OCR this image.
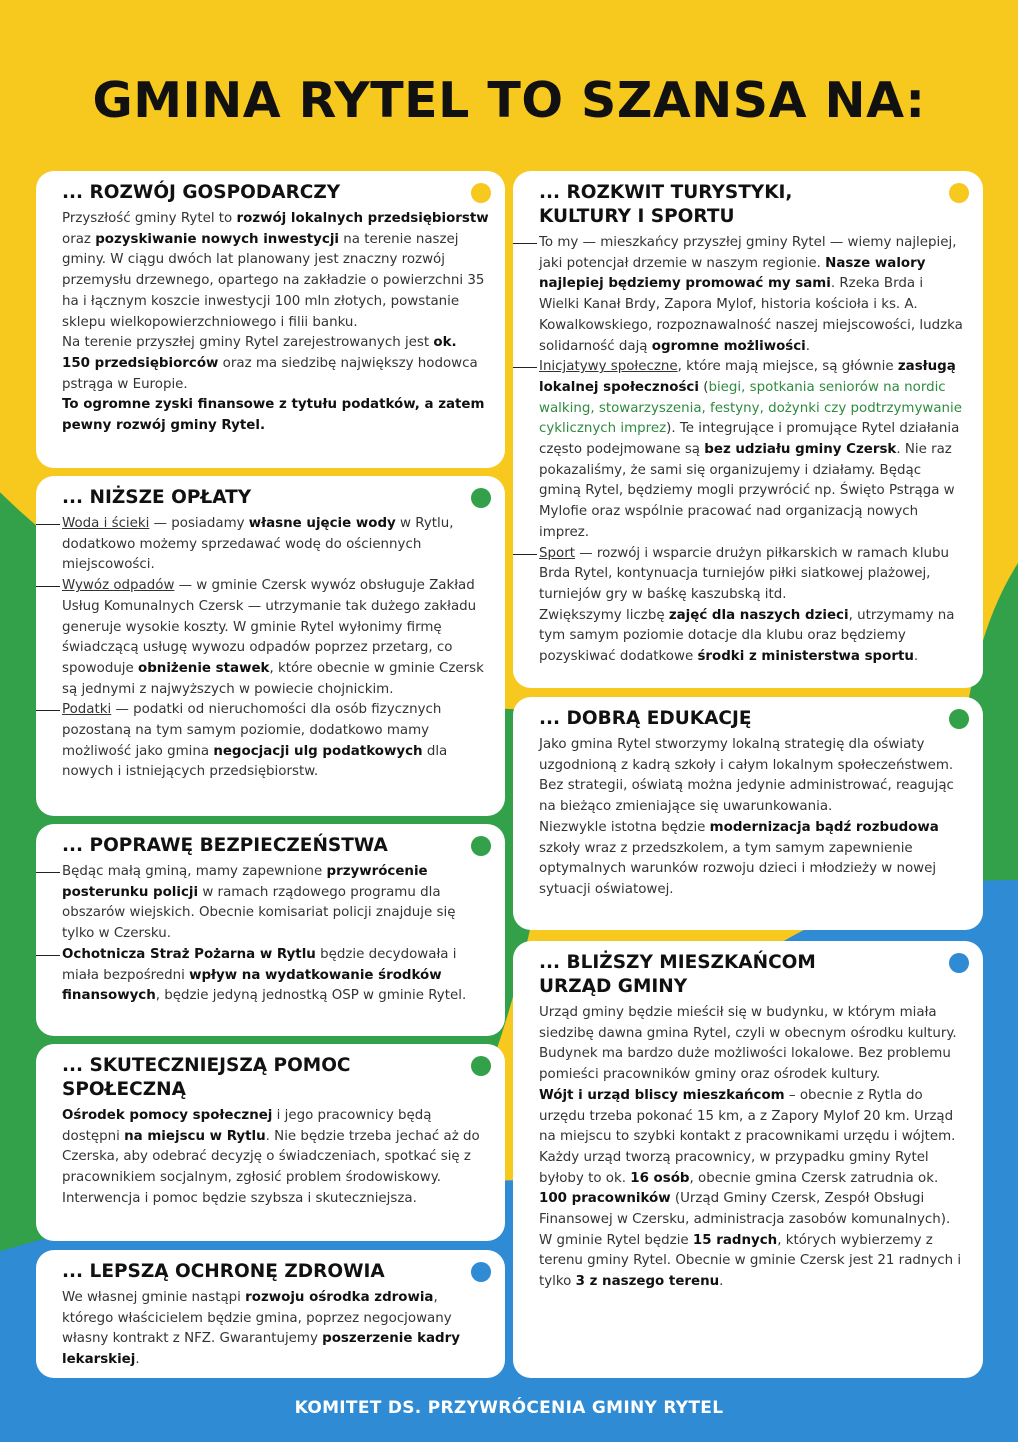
GMINA RYTEL TO SZANSA NA:
... ROZWÓJ GOSPODARCZY

Przyszłość gminy Rytel to rozwój lokalnych przedsiębiorstw oraz pozyskiwanie nowych inwestycji na terenie naszej gminy. W ciągu dwóch lat planowany jest znaczny rozwój przemysłu drzewnego, opartego na zakładzie o powierzchni 35 ha i łącznym koszcie inwestycji 100 mln złotych, powstanie sklepu wielkopowierzchniowego i filii banku.

Na terenie przyszłej gminy Rytel zarejestrowanych jest ok. 150 przedsiębiorców oraz ma siedzibę największy hodowca pstrąga w Europie.

To ogromne zyski finansowe z tytułu podatków, a zatem pewny rozwój gminy Rytel.

... NIŻSZE OPŁATY

Woda i ścieki — posiadamy własne ujęcie wody w Rytlu, dodatkowo możemy sprzedawać wodę do ościennych miejscowości.

Wywóz odpadów — w gminie Czersk wywóz obsługuje Zakład Usług Komunalnych Czersk — utrzymanie tak dużego zakładu generuje wysokie koszty. W gminie Rytel wyłonimy firmę świadczącą usługę wywozu odpadów poprzez przetarg, co spowoduje obniżenie stawek, które obecnie w gminie Czersk są jednymi z najwyższych w powiecie chojnickim.

Podatki — podatki od nieruchomości dla osób fizycznych pozostaną na tym samym poziomie, dodatkowo mamy możliwość jako gmina negocjacji ulg podatkowych dla nowych i istniejących przedsiębiorstw.

... POPRAWĘ BEZPIECZEŃSTWA

Będąc małą gminą, mamy zapewnione przywrócenie posterunku policji w ramach rządowego programu dla obszarów wiejskich. Obecnie komisariat policji znajduje się tylko w Czersku.

Ochotnicza Straż Pożarna w Rytlu będzie decydowała i miała bezpośredni wpływ na wydatkowanie środków finansowych, będzie jedyną jednostką OSP w gminie Rytel.

... SKUTECZNIEJSZĄ POMOC SPOŁECZNĄ

Ośrodek pomocy społecznej i jego pracownicy będą dostępni na miejscu w Rytlu. Nie będzie trzeba jechać aż do Czerska, aby odebrać decyzję o świadczeniach, spotkać się z pracownikiem socjalnym, zgłosić problem środowiskowy. Interwencja i pomoc będzie szybsza i skuteczniejsza.

... LEPSZĄ OCHRONĘ ZDROWIA

We własnej gminie nastąpi rozwoju ośrodka zdrowia, którego właścicielem będzie gmina, poprzez negocjowany własny kontrakt z NFZ. Gwarantujemy poszerzenie kadry lekarskiej.

... ROZKWIT TURYSTYKI, KULTURY I SPORTU

To my — mieszkańcy przyszłej gminy Rytel — wiemy najlepiej, jaki potencjał drzemie w naszym regionie. Nasze walory najlepiej będziemy promować my sami. Rzeka Brda i Wielki Kanał Brdy, Zapora Mylof, historia kościoła i ks. A. Kowalkowskiego, rozpoznawalność naszej miejscowości, ludzka solidarność dają ogromne możliwości.

Inicjatywy społeczne, które mają miejsce, są głównie zasługą lokalnej społeczności (biegi, spotkania seniorów na nordic walking, stowarzyszenia, festyny, dożynki czy podtrzymywanie cyklicznych imprez). Te integrujące i promujące Rytel działania często podejmowane są bez udziału gminy Czersk. Nie raz pokazaliśmy, że sami się organizujemy i działamy. Będąc gminą Rytel, będziemy mogli przywrócić np. Święto Pstrąga w Mylofie oraz wspólnie pracować nad organizacją nowych imprez.

Sport — rozwój i wsparcie drużyn piłkarskich w ramach klubu Brda Rytel, kontynuacja turniejów piłki siatkowej plażowej, turniejów gry w baśkę kaszubską itd.

Zwiększymy liczbę zajęć dla naszych dzieci, utrzymamy na tym samym poziomie dotacje dla klubu oraz będziemy pozyskiwać dodatkowe środki z ministerstwa sportu.

... DOBRĄ EDUKACJĘ

Jako gmina Rytel stworzymy lokalną strategię dla oświaty uzgodnioną z kadrą szkoły i całym lokalnym społeczeństwem. Bez strategii, oświatą można jedynie administrować, reagując na bieżąco zmieniające się uwarunkowania.

Niezwykle istotna będzie modernizacja bądź rozbudowa szkoły wraz z przedszkolem, a tym samym zapewnienie optymalnych warunków rozwoju dzieci i młodzieży w nowej sytuacji oświatowej.

... BLIŻSZY MIESZKAŃCOM URZĄD GMINY

Urząd gminy będzie mieścił się w budynku, w którym miała siedzibę dawna gmina Rytel, czyli w obecnym ośrodku kultury. Budynek ma bardzo duże możliwości lokalowe. Bez problemu pomieści pracowników gminy oraz ośrodek kultury.

Wójt i urząd bliscy mieszkańcom – obecnie z Rytla do urzędu trzeba pokonać 15 km, a z Zapory Mylof 20 km. Urząd na miejscu to szybki kontakt z pracownikami urzędu i wójtem.

Każdy urząd tworzą pracownicy, w przypadku gminy Rytel byłoby to ok. 16 osób, obecnie gmina Czersk zatrudnia ok. 100 pracowników (Urząd Gminy Czersk, Zespół Obsługi Finansowej w Czersku, administracja zasobów komunalnych).

W gminie Rytel będzie 15 radnych, których wybierzemy z terenu gminy Rytel. Obecnie w gminie Czersk jest 21 radnych i tylko 3 z naszego terenu.

KOMITET DS. PRZYWRÓCENIA GMINY RYTEL
